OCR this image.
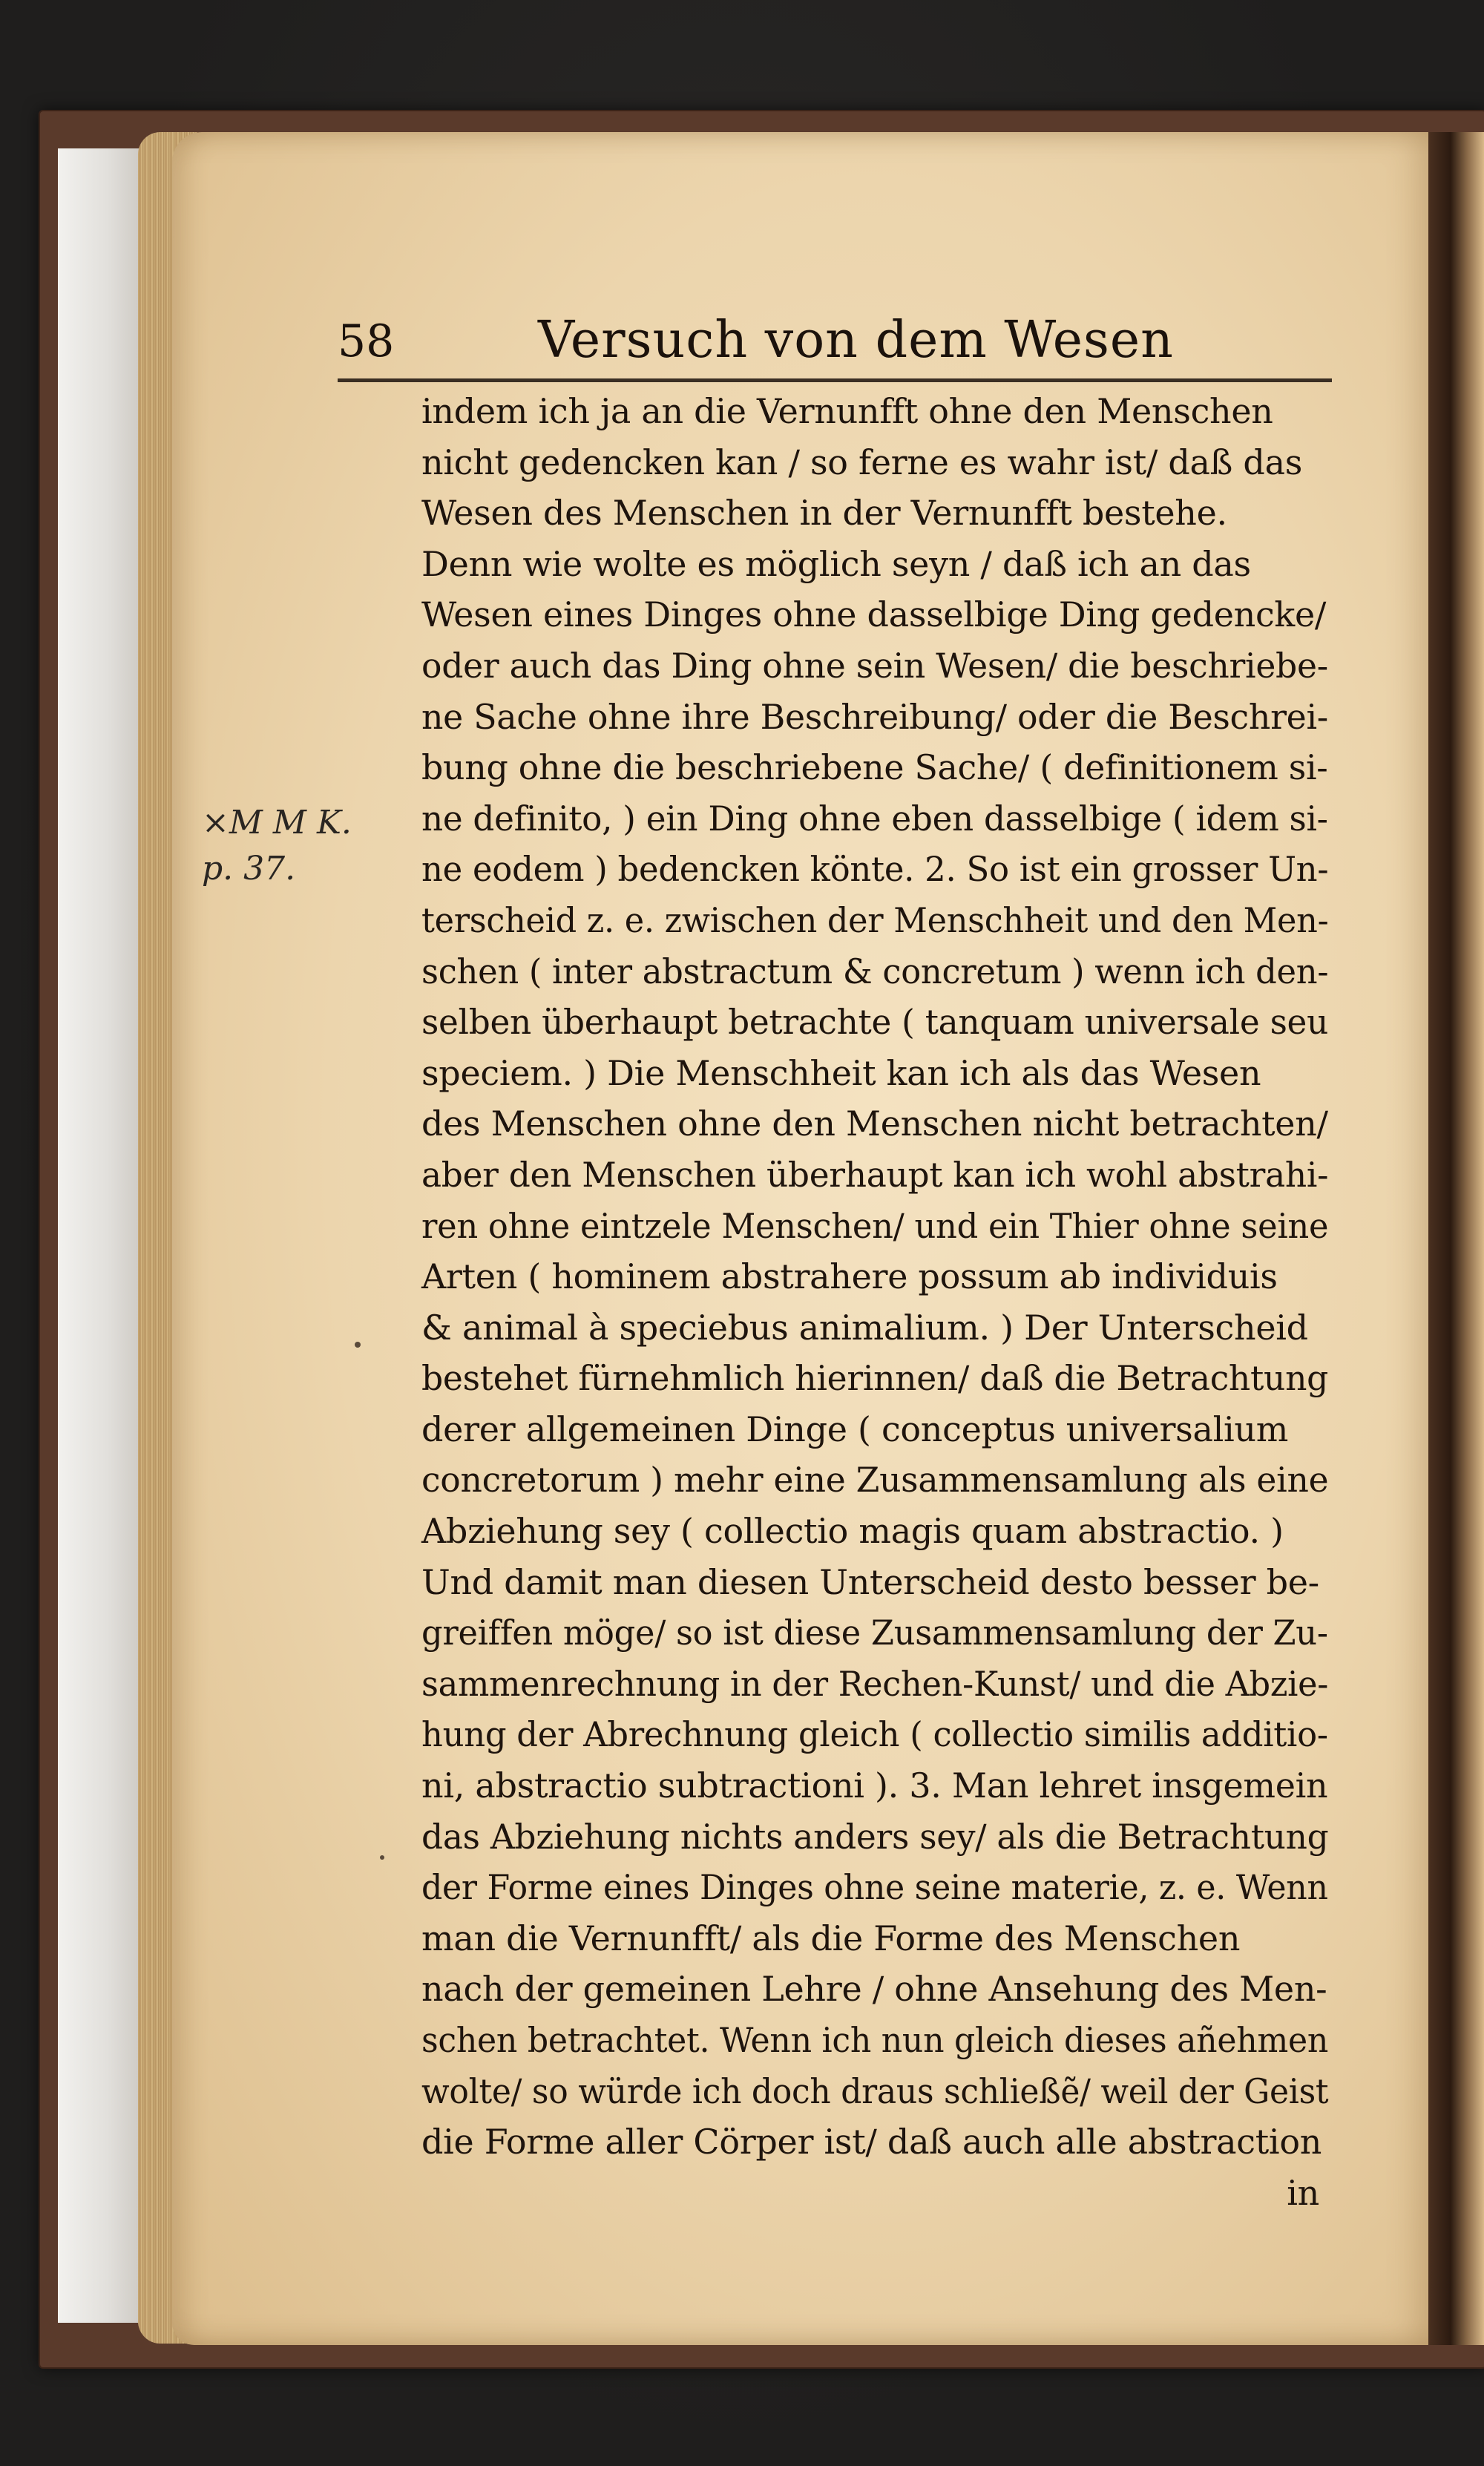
58	Versuch von dem Wesen
×M M K.
p. 37.
indem ich ja an die Vernunfft ohne den Menschen
nicht gedencken kan / so ferne es wahr ist/ daß das
Wesen des Menschen in der Vernunfft bestehe.
Denn wie wolte es möglich seyn / daß ich an das
Wesen eines Dinges ohne dasselbige Ding gedencke/
oder auch das Ding ohne sein Wesen/ die beschriebe-
ne Sache ohne ihre Beschreibung/ oder die Beschrei-
bung ohne die beschriebene Sache/ ( definitionem si-
ne definito, ) ein Ding ohne eben dasselbige ( idem si-
ne eodem ) bedencken könte. 2. So ist ein grosser Un-
terscheid z. e. zwischen der Menschheit und den Men-
schen ( inter abstractum & concretum ) wenn ich den-
selben überhaupt betrachte ( tanquam universale seu
speciem. ) Die Menschheit kan ich als das Wesen
des Menschen ohne den Menschen nicht betrachten/
aber den Menschen überhaupt kan ich wohl abstrahi-
ren ohne eintzele Menschen/ und ein Thier ohne seine
Arten ( hominem abstrahere possum ab individuis
& animal à speciebus animalium. ) Der Unterscheid
bestehet fürnehmlich hierinnen/ daß die Betrachtung
derer allgemeinen Dinge ( conceptus universalium
concretorum ) mehr eine Zusammensamlung als eine
Abziehung sey ( collectio magis quam abstractio. )
Und damit man diesen Unterscheid desto besser be-
greiffen möge/ so ist diese Zusammensamlung der Zu-
sammenrechnung in der Rechen-Kunst/ und die Abzie-
hung der Abrechnung gleich ( collectio similis additio-
ni, abstractio subtractioni ). 3. Man lehret insgemein
das Abziehung nichts anders sey/ als die Betrachtung
der Forme eines Dinges ohne seine materie, z. e. Wenn
man die Vernunfft/ als die Forme des Menschen
nach der gemeinen Lehre / ohne Ansehung des Men-
schen betrachtet. Wenn ich nun gleich dieses añehmen
wolte/ so würde ich doch draus schließẽ/ weil der Geist
die Forme aller Cörper ist/ daß auch alle abstraction
in
